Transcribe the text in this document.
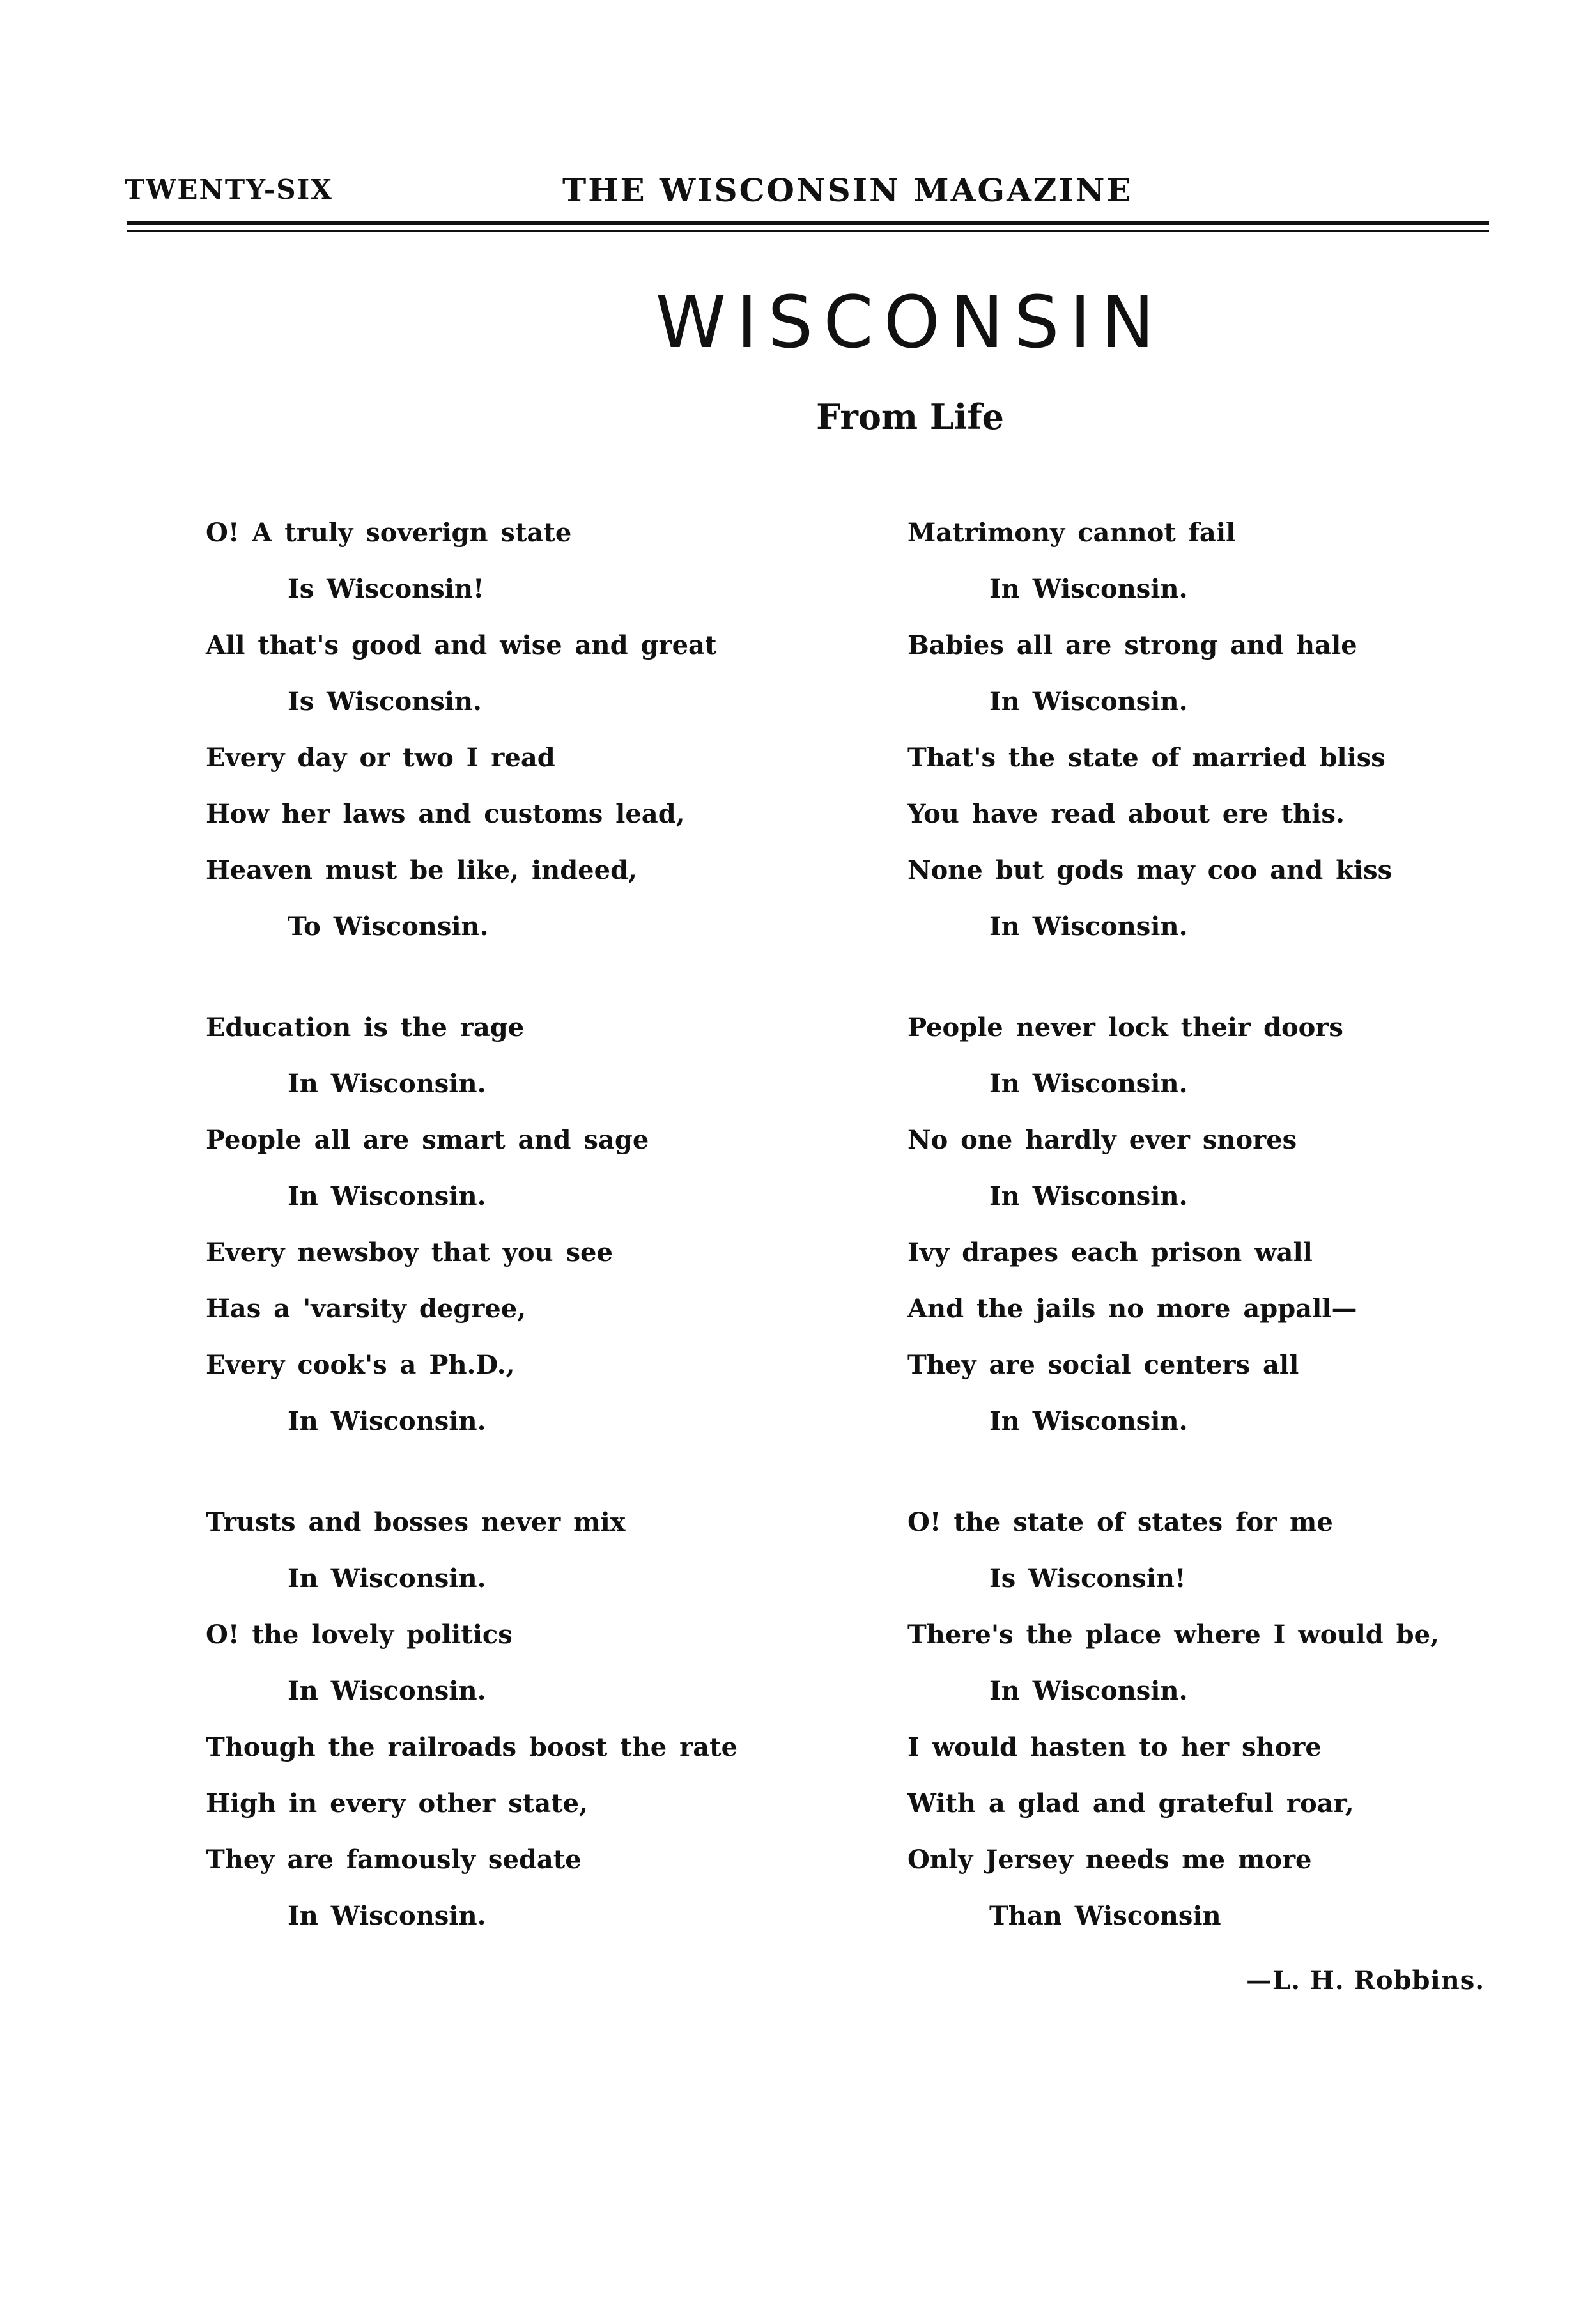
TWENTY-SIX	THE WISCONSIN MAGAZINE
WISCONSIN
From Life
O! A truly soverign state
Is Wisconsin!
All that's good and wise and great
Is Wisconsin.
Every day or two I read
How her laws and customs lead,
Heaven must be like, indeed,
To Wisconsin.
Education is the rage
In Wisconsin.
People all are smart and sage
In Wisconsin.
Every newsboy that you see
Has a 'varsity degree,
Every cook's a Ph.D.,
In Wisconsin.
Trusts and bosses never mix
In Wisconsin.
O! the lovely politics
In Wisconsin.
Though the railroads boost the rate
High in every other state,
They are famously sedate
In Wisconsin.
Matrimony cannot fail
In Wisconsin.
Babies all are strong and hale
In Wisconsin.
That's the state of married bliss
You have read about ere this.
None but gods may coo and kiss
In Wisconsin.
People never lock their doors
In Wisconsin.
No one hardly ever snores
In Wisconsin.
Ivy drapes each prison wall
And the jails no more appall—
They are social centers all
In Wisconsin.
O! the state of states for me
Is Wisconsin!
There's the place where I would be,
In Wisconsin.
I would hasten to her shore
With a glad and grateful roar,
Only Jersey needs me more
Than Wisconsin
—L. H. Robbins.
